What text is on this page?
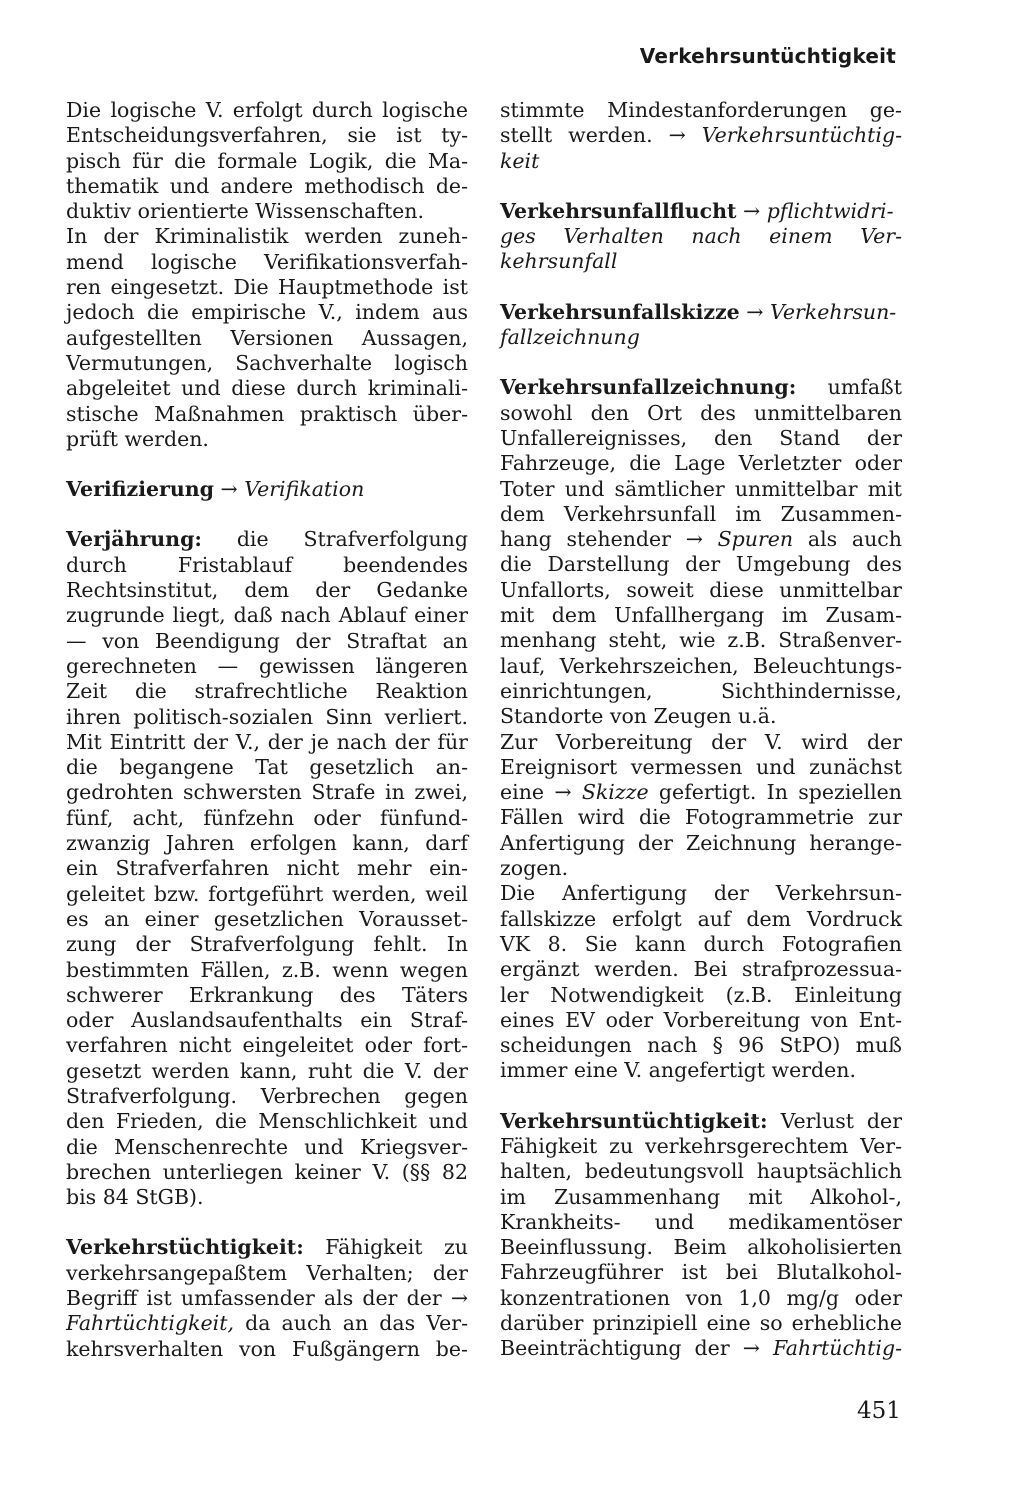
Verkehrsuntüchtigkeit
Die logische V. erfolgt durch logische
Entscheidungsverfahren, sie ist ty-
pisch für die formale Logik, die Ma-
thematik und andere methodisch de-
duktiv orientierte Wissenschaften.
In der Kriminalistik werden zuneh-
mend logische Verifikationsverfah-
ren eingesetzt. Die Hauptmethode ist
jedoch die empirische V., indem aus
aufgestellten Versionen Aussagen,
Vermutungen, Sachverhalte logisch
abgeleitet und diese durch kriminali-
stische Maßnahmen praktisch über-
prüft werden.
Verifizierung → Verifikation
Verjährung: die Strafverfolgung
durch Fristablauf beendendes
Rechtsinstitut, dem der Gedanke
zugrunde liegt, daß nach Ablauf einer
— von Beendigung der Straftat an
gerechneten — gewissen längeren
Zeit die strafrechtliche Reaktion
ihren politisch-sozialen Sinn verliert.
Mit Eintritt der V., der je nach der für
die begangene Tat gesetzlich an-
gedrohten schwersten Strafe in zwei,
fünf, acht, fünfzehn oder fünfund-
zwanzig Jahren erfolgen kann, darf
ein Strafverfahren nicht mehr ein-
geleitet bzw. fortgeführt werden, weil
es an einer gesetzlichen Vorausset-
zung der Strafverfolgung fehlt. In
bestimmten Fällen, z.B. wenn wegen
schwerer Erkrankung des Täters
oder Auslandsaufenthalts ein Straf-
verfahren nicht eingeleitet oder fort-
gesetzt werden kann, ruht die V. der
Strafverfolgung. Verbrechen gegen
den Frieden, die Menschlichkeit und
die Menschenrechte und Kriegsver-
brechen unterliegen keiner V. (§§ 82
bis 84 StGB).
Verkehrstüchtigkeit: Fähigkeit zu
verkehrsangepaßtem Verhalten; der
Begriff ist umfassender als der der →
Fahrtüchtigkeit, da auch an das Ver-
kehrsverhalten von Fußgängern be-
stimmte Mindestanforderungen ge-
stellt werden. → Verkehrsuntüchtig-
keit
Verkehrsunfallflucht → pflichtwidri-
ges Verhalten nach einem Ver-
kehrsunfall
Verkehrsunfallskizze → Verkehrsun-
fallzeichnung
Verkehrsunfallzeichnung: umfaßt
sowohl den Ort des unmittelbaren
Unfallereignisses, den Stand der
Fahrzeuge, die Lage Verletzter oder
Toter und sämtlicher unmittelbar mit
dem Verkehrsunfall im Zusammen-
hang stehender → Spuren als auch
die Darstellung der Umgebung des
Unfallorts, soweit diese unmittelbar
mit dem Unfallhergang im Zusam-
menhang steht, wie z.B. Straßenver-
lauf, Verkehrszeichen, Beleuchtungs-
einrichtungen, Sichthindernisse,
Standorte von Zeugen u.ä.
Zur Vorbereitung der V. wird der
Ereignisort vermessen und zunächst
eine → Skizze gefertigt. In speziellen
Fällen wird die Fotogrammetrie zur
Anfertigung der Zeichnung herange-
zogen.
Die Anfertigung der Verkehrsun-
fallskizze erfolgt auf dem Vordruck
VK 8. Sie kann durch Fotografien
ergänzt werden. Bei strafprozessua-
ler Notwendigkeit (z.B. Einleitung
eines EV oder Vorbereitung von Ent-
scheidungen nach § 96 StPO) muß
immer eine V. angefertigt werden.
Verkehrsuntüchtigkeit: Verlust der
Fähigkeit zu verkehrsgerechtem Ver-
halten, bedeutungsvoll hauptsächlich
im Zusammenhang mit Alkohol-,
Krankheits- und medikamentöser
Beeinflussung. Beim alkoholisierten
Fahrzeugführer ist bei Blutalkohol-
konzentrationen von 1,0 mg/g oder
darüber prinzipiell eine so erhebliche
Beeinträchtigung der → Fahrtüchtig-
451
